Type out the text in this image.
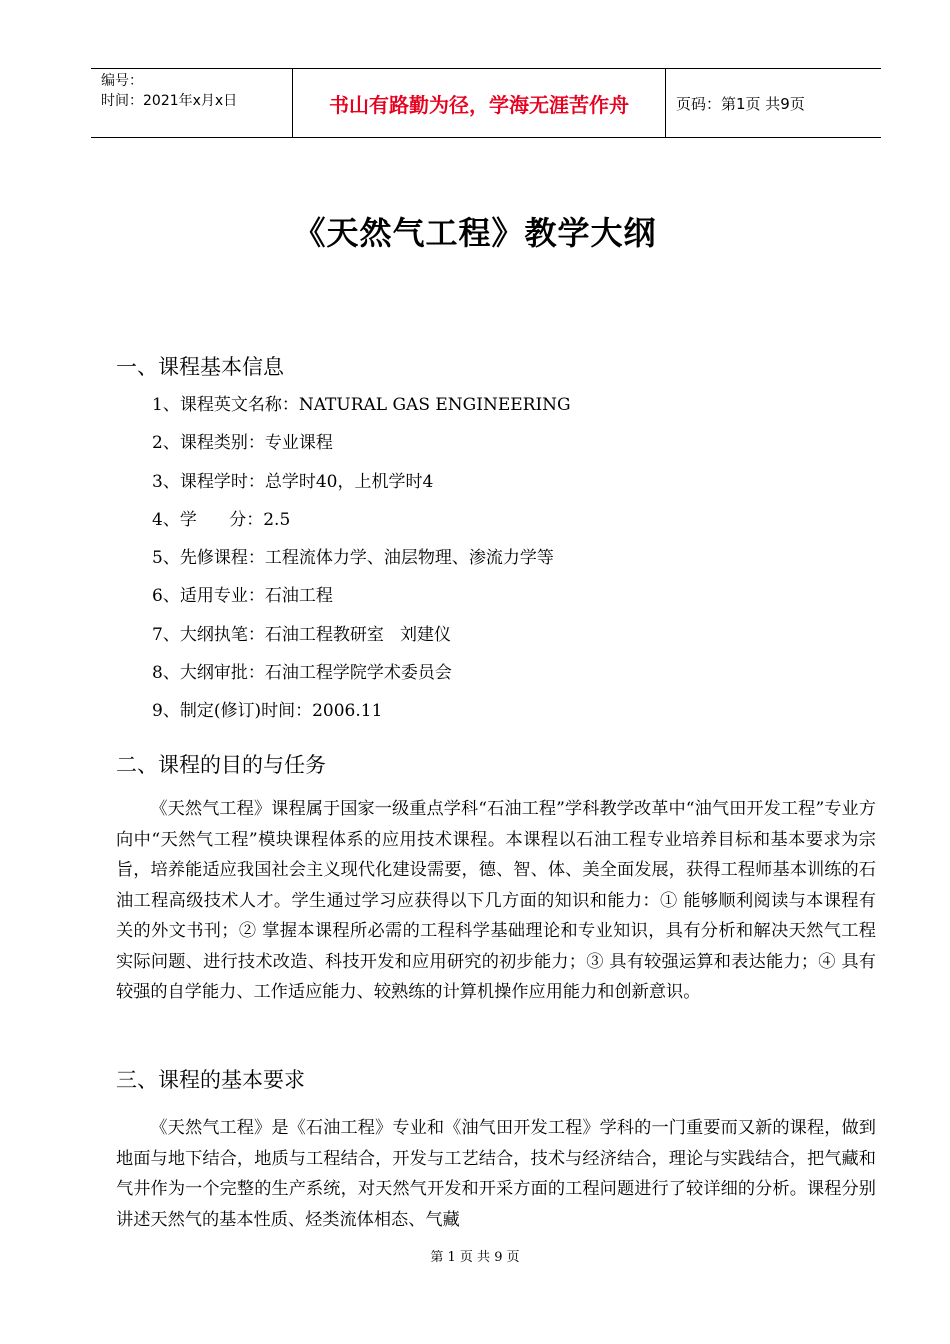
编号：
时间：2021年x月x日	书山有路勤为径，学海无涯苦作舟	页码：第1页 共9页
《天然气工程》教学大纲
一、课程基本信息
1、课程英文名称：NATURAL GAS ENGINEERING
2、课程类别：专业课程
3、课程学时：总学时40，上机学时4
4、学      分：2.5
5、先修课程：工程流体力学、油层物理、渗流力学等
6、适用专业：石油工程
7、大纲执笔：石油工程教研室   刘建仪
8、大纲审批：石油工程学院学术委员会
9、制定(修订)时间：2006.11
二、课程的目的与任务

《天然气工程》课程属于国家一级重点学科“石油工程”学科教学改革中“油气田开发工程”专业方向中“天然气工程”模块课程体系的应用技术课程。本课程以石油工程专业培养目标和基本要求为宗旨，培养能适应我国社会主义现代化建设需要，德、智、体、美全面发展，获得工程师基本训练的石油工程高级技术人才。学生通过学习应获得以下几方面的知识和能力：① 能够顺利阅读与本课程有关的外文书刊；② 掌握本课程所必需的工程科学基础理论和专业知识，具有分析和解决天然气工程实际问题、进行技术改造、科技开发和应用研究的初步能力；③ 具有较强运算和表达能力；④ 具有较强的自学能力、工作适应能力、较熟练的计算机操作应用能力和创新意识。

三、课程的基本要求

《天然气工程》是《石油工程》专业和《油气田开发工程》学科的一门重要而又新的课程，做到地面与地下结合，地质与工程结合，开发与工艺结合，技术与经济结合，理论与实践结合，把气藏和气井作为一个完整的生产系统，对天然气开发和开采方面的工程问题进行了较详细的分析。课程分别讲述天然气的基本性质、烃类流体相态、气藏

第 1 页 共 9 页
